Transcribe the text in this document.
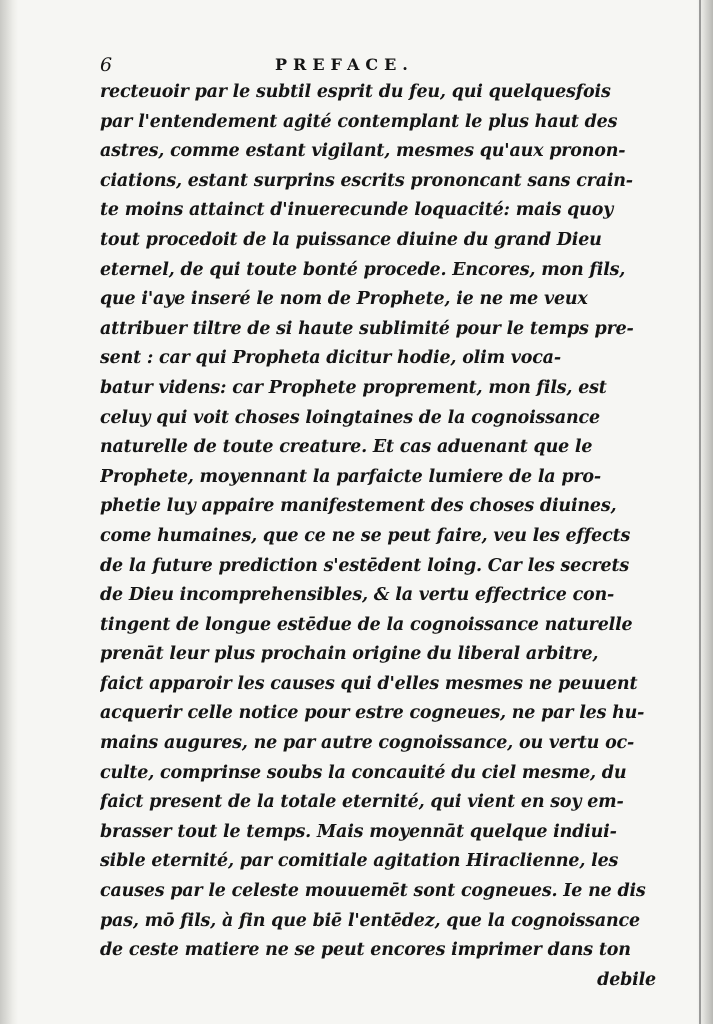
6	PREFACE.
recteuoir par le subtil esprit du feu, qui quelquesfois
par l'entendement agité contemplant le plus haut des
astres, comme estant vigilant, mesmes qu'aux pronon-
ciations, estant surprins escrits prononcant sans crain-
te moins attainct d'inuerecunde loquacité: mais quoy
tout procedoit de la puissance diuine du grand Dieu
eternel, de qui toute bonté procede. Encores, mon fils,
que i'aye inseré le nom de Prophete, ie ne me veux
attribuer tiltre de si haute sublimité pour le temps pre-
sent : car qui Propheta dicitur hodie, olim voca-
batur videns: car Prophete proprement, mon fils, est
celuy qui voit choses loingtaines de la cognoissance
naturelle de toute creature. Et cas aduenant que le
Prophete, moyennant la parfaicte lumiere de la pro-
phetie luy appaire manifestement des choses diuines,
come humaines, que ce ne se peut faire, veu les effects
de la future prediction s'estēdent loing. Car les secrets
de Dieu incomprehensibles, & la vertu effectrice con-
tingent de longue estēdue de la cognoissance naturelle
prenāt leur plus prochain origine du liberal arbitre,
faict apparoir les causes qui d'elles mesmes ne peuuent
acquerir celle notice pour estre cogneues, ne par les hu-
mains augures, ne par autre cognoissance, ou vertu oc-
culte, comprinse soubs la concauité du ciel mesme, du
faict present de la totale eternité, qui vient en soy em-
brasser tout le temps. Mais moyennāt quelque indiui-
sible eternité, par comitiale agitation Hiraclienne, les
causes par le celeste mouuemēt sont cogneues. Ie ne dis
pas, mō fils, à fin que biē l'entēdez, que la cognoissance
de ceste matiere ne se peut encores imprimer dans ton
debile
